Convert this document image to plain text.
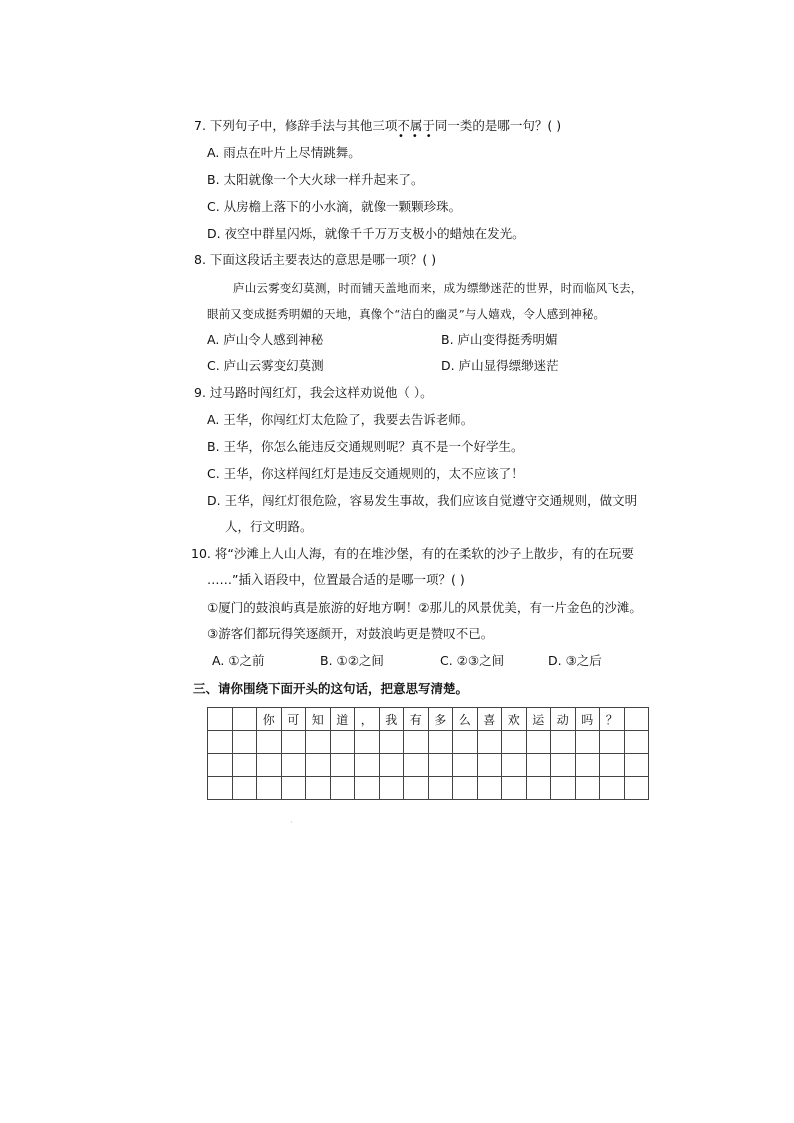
7. 下列句子中，修辞手法与其他三项不属于同一类的是哪一句？( )
•••
A. 雨点在叶片上尽情跳舞。
B. 太阳就像一个大火球一样升起来了。
C. 从房檐上落下的小水滴，就像一颗颗珍珠。
D. 夜空中群星闪烁，就像千千万万支极小的蜡烛在发光。
8. 下面这段话主要表达的意思是哪一项？( )
庐山云雾变幻莫测，时而铺天盖地而来，成为缥缈迷茫的世界，时而临风飞去，
眼前又变成挺秀明媚的天地，真像个“洁白的幽灵”与人嬉戏，令人感到神秘。
A. 庐山令人感到神秘	B. 庐山变得挺秀明媚
C. 庐山云雾变幻莫测	D. 庐山显得缥缈迷茫
9. 过马路时闯红灯，我会这样劝说他（ ）。
A. 王华，你闯红灯太危险了，我要去告诉老师。
B. 王华，你怎么能违反交通规则呢？真不是一个好学生。
C. 王华，你这样闯红灯是违反交通规则的，太不应该了！
D. 王华，闯红灯很危险，容易发生事故，我们应该自觉遵守交通规则，做文明
人，行文明路。
10. 将“沙滩上人山人海，有的在堆沙堡，有的在柔软的沙子上散步，有的在玩要
……”插入语段中，位置最合适的是哪一项？( )
①厦门的鼓浪屿真是旅游的好地方啊！②那儿的风景优美，有一片金色的沙滩。
③游客们都玩得笑逐颜开，对鼓浪屿更是赞叹不已。
A. ①之前	B. ①②之间	C. ②③之间	D. ③之后
三、请你围绕下面开头的这句话，把意思写清楚。
		你	可	知	道	，	我	有	多	么	喜	欢	运	动	吗	？	

·
